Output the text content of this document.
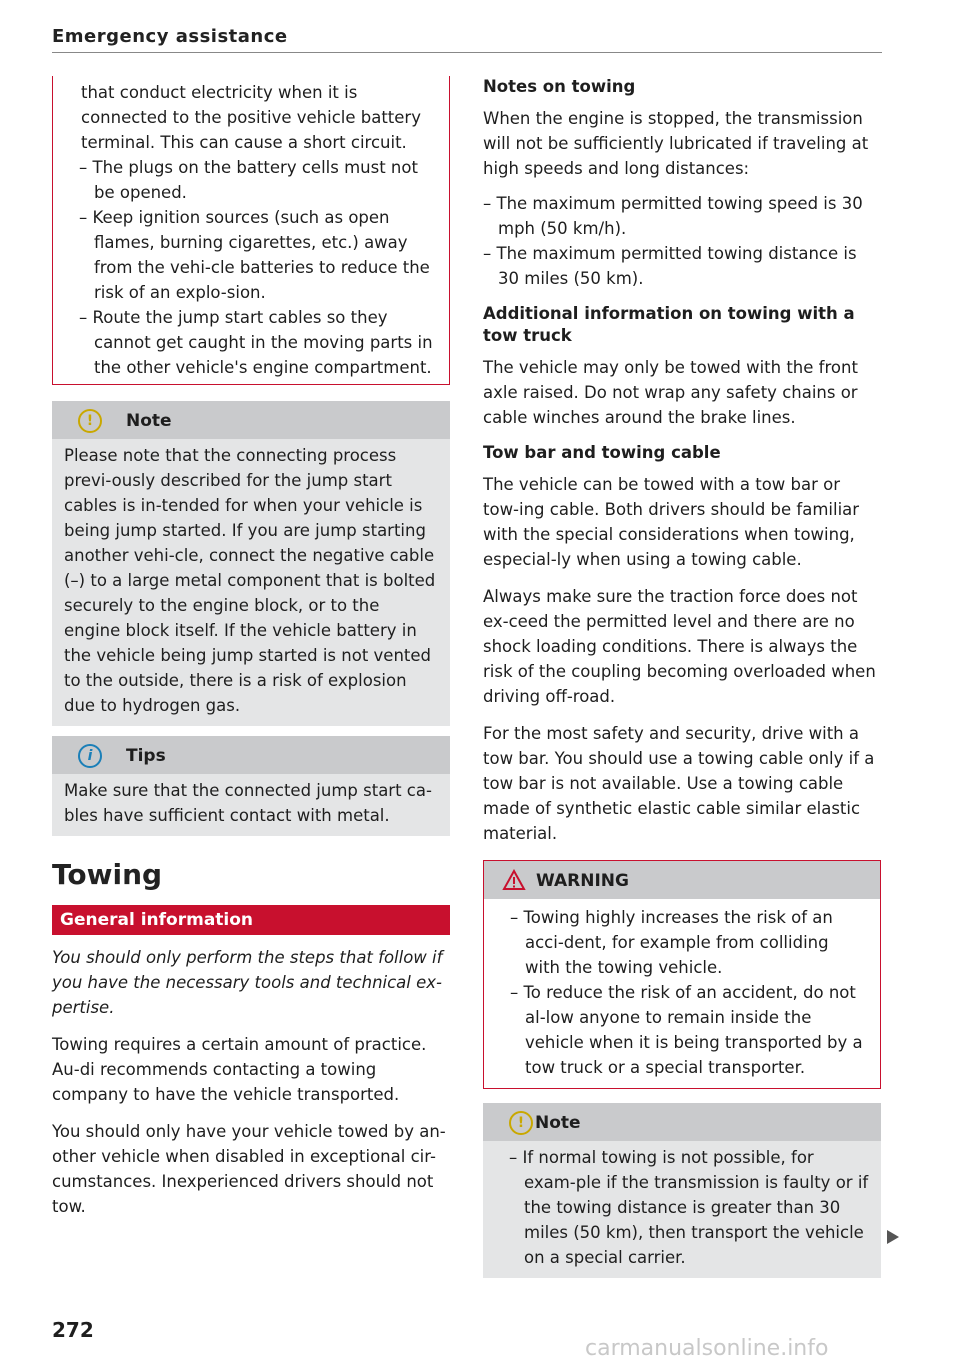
Emergency assistance

that conduct electricity when it is connected to the positive vehicle battery terminal. This can cause a short circuit.

– The plugs on the battery cells must not be opened.
– Keep ignition sources (such as open flames, burning cigarettes, etc.) away from the vehi-cle batteries to reduce the risk of an explo-sion.
– Route the jump start cables so they cannot get caught in the moving parts in the other vehicle's engine compartment.
!	Note

Please note that the connecting process previ-ously described for the jump start cables is in-tended for when your vehicle is being jump started. If you are jump starting another vehi-cle, connect the negative cable (–) to a large metal component that is bolted securely to the engine block, or to the engine block itself. If the vehicle battery in the vehicle being jump started is not vented to the outside, there is a risk of explosion due to hydrogen gas.

i	Tips

Make sure that the connected jump start ca-bles have sufficient contact with metal.

Towing
General information

You should only perform the steps that follow if you have the necessary tools and technical ex-pertise.

Towing requires a certain amount of practice. Au-di recommends contacting a towing company to have the vehicle transported.

You should only have your vehicle towed by an-other vehicle when disabled in exceptional cir-cumstances. Inexperienced drivers should not tow.

Notes on towing

When the engine is stopped, the transmission will not be sufficiently lubricated if traveling at high speeds and long distances:

– The maximum permitted towing speed is 30 mph (50 km/h).
– The maximum permitted towing distance is 30 miles (50 km).
Additional information on towing with a tow truck

The vehicle may only be towed with the front axle raised. Do not wrap any safety chains or cable winches around the brake lines.

Tow bar and towing cable

The vehicle can be towed with a tow bar or tow-ing cable. Both drivers should be familiar with the special considerations when towing, especial-ly when using a towing cable.

Always make sure the traction force does not ex-ceed the permitted level and there are no shock loading conditions. There is always the risk of the coupling becoming overloaded when driving off-road.

For the most safety and security, drive with a tow bar. You should use a towing cable only if a tow bar is not available. Use a towing cable made of synthetic elastic cable similar elastic material.

WARNING
– Towing highly increases the risk of an acci-dent, for example from colliding with the towing vehicle.
– To reduce the risk of an accident, do not al-low anyone to remain inside the vehicle when it is being transported by a tow truck or a special transporter.
! Note
– If normal towing is not possible, for exam-ple if the transmission is faulty or if the towing distance is greater than 30 miles (50 km), then transport the vehicle on a special carrier.
272
carmanualsonline.info
